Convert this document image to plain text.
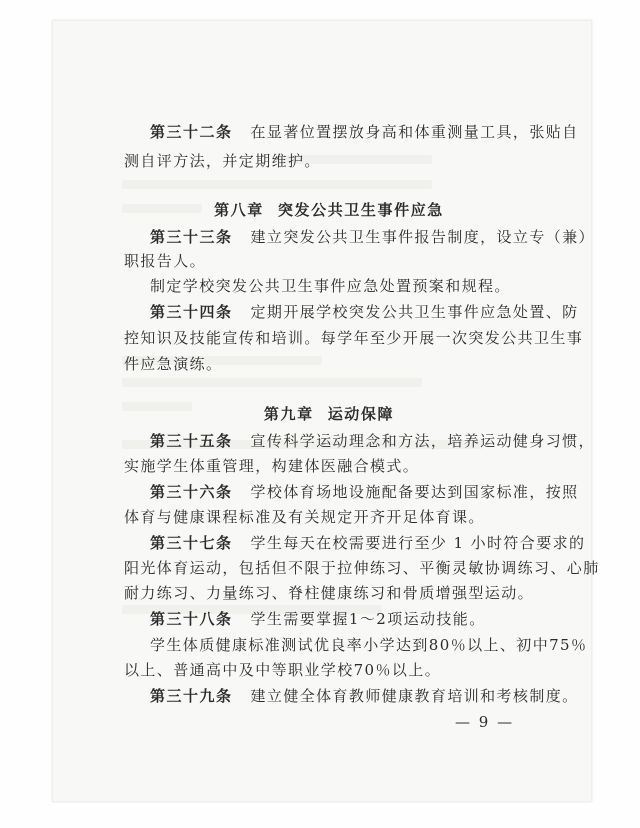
第三十二条 在显著位置摆放身高和体重测量工具，张贴自
测自评方法，并定期维护。
第八章 突发公共卫生事件应急
第三十三条 建立突发公共卫生事件报告制度，设立专（兼）
职报告人。
制定学校突发公共卫生事件应急处置预案和规程。
第三十四条 定期开展学校突发公共卫生事件应急处置、防
控知识及技能宣传和培训。每学年至少开展一次突发公共卫生事
件应急演练。
第九章 运动保障
第三十五条 宣传科学运动理念和方法，培养运动健身习惯，
实施学生体重管理，构建体医融合模式。
第三十六条 学校体育场地设施配备要达到国家标准，按照
体育与健康课程标准及有关规定开齐开足体育课。
第三十七条 学生每天在校需要进行至少 1 小时符合要求的
阳光体育运动，包括但不限于拉伸练习、平衡灵敏协调练习、心肺
耐力练习、力量练习、脊柱健康练习和骨质增强型运动。
第三十八条 学生需要掌握1～2项运动技能。
学生体质健康标准测试优良率小学达到80％以上、初中75％
以上、普通高中及中等职业学校70％以上。
第三十九条 建立健全体育教师健康教育培训和考核制度。
— 9 —
